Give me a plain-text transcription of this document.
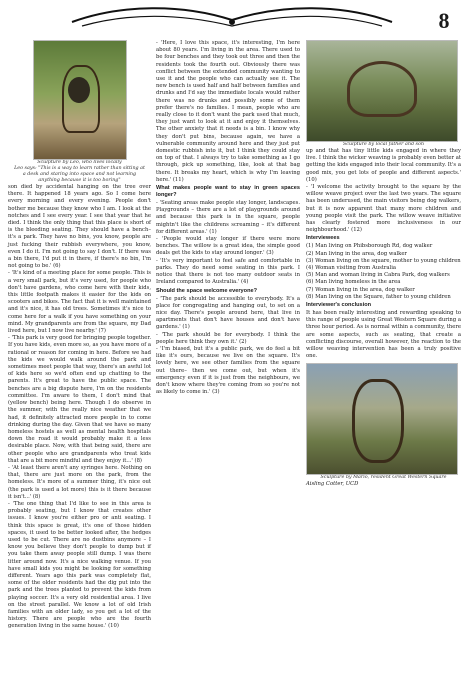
8

Sculpture by Leo, who lives locally
Leo says: "This is a way to learn rather than sitting at a desk and staring into space and not learning anything because it is too boring"

son died by accidental hanging on the tree over there. It happened 18 years ago. So I come here every morning and every evening. People don't bother me because they know who I am. I look at the notches and I see every year. I see that year that he died. I think the only thing that this place is short of is the bleeding seating. They should have a bench– it's a park. They have no bins, you know, people are just fucking their rubbish everywhere, you know, even I do it. I'm not going to say I don't. If there was a bin there, I'd put it in there, if there's no bin, I'm not going to be.' (6)

- 'It's kind of a meeting place for some people. This is a very small park, but it's very used, for people who don't have gardens, who come here with their kids, this little footpath makes it easier for the kids on scooters and bikes. The fact that it is well maintained and it's nice, it has old trees. Sometimes it's nice to come here for a walk if you have something on your mind. My grandparents are from the square, my Dad lived here, but I now live nearby.' (7)

- 'This park is very good for bringing people together. If you have kids, even more so, as you have more of a rational or reason for coming in here. Before we had the kids we would walk around the park and sometimes meet people that way, there's an awful lot of kids here so we'd often end up chatting to the parents. It's great to have the public space. The benches are a big dispute here, I'm on the residents committee. I'm aware to them, I don't mind that (yellow bench) being here. Though I do observe in the summer, with the really nice weather that we had, it definitely attracted more people in to come drinking during the day. Given that we have so many homeless hostels as well as mental health hospitals down the road it would probably make it a less desirable place. Now, with that being said, there are other people who are grandparents who treat kids that are a bit more mindful and they enjoy it...' (8)

- 'At least there aren't any syringes here. Nothing on that, there are just more on the park, from the homeless. It's more of a summer thing, it's nice out (the park is used a lot more) this is it there because it isn't...' (8)

- 'The one thing that I'd like to see in this area is probably seating, but I know that creates other issues. I know you're either pro or anti seating. I think this space is great, it's one of those hidden spaces, it used to be better looked after, the hedges used to be cut. There are no dustbins anymore – I know you believe they don't people to dump but if you take them away people still dump. I was there litter around now. It's a nice walking venue. If you have small kids you might be looking for something different. Years ago this park was completely flat, some of the older residents had the dig put into the park and the trees planted to prevent the kids from playing soccer. It's a very old residential area. I live on the street parallel. We know a lot of old Irish families with an older lady, so you get a lot of the history. There are people who are the fourth generation living in the same house.' (10)

- 'Here, I love this space, it's interesting, I'm here about 80 years. I'm living in the area. There used to be four benches and they took out three and then the residents took the fourth out. Obviously there was conflict between the extended community wanting to use it and the people who can actually see it. The new bench is used half and half between families and drunks and I'd say the immediate locals would rather there was no drunks and possibly some of them prefer there's no families. I mean, people who are really close to it don't want the park used that much, they just want to look at it and enjoy it themselves. The other anxiety that it needs is a bin. I know why they don't put bins, because again, we have a vulnerable community around here and they just put domestic rubbish into it, but I think they could stay on top of that. I always try to take something as I go through, pick up something, like, look at that bag there. It breaks my heart, which is why I'm leaving here.' (11)

What makes people want to stay in green spaces longer?

- 'Seating areas make people stay longer, landscapes. Playgrounds – there are a lot of playgrounds around and because this park is in the square, people mightn't like the childrens screaming – it's different for different areas.' (1)

- 'People would stay longer if there were more benches. The willow is a great idea, the simple good deals get the kids to stay around longer.' (3)

- 'It's very important to feel safe and comfortable in parks. They do need some seating in this park. I notice that there is not too many outdoor seats in Ireland compared to Australia.' (4)

Should the space welcome everyone?

- 'The park should be accessible to everybody. It's a place for congregating and hanging out, to set on a nice day. There's people around here, that live in apartments that don't have houses and don't have gardens.' (1)

- 'The park should be for everybody. I think the people here think they own it.' (2)

- 'I'm biased, but it's a public park, we do feel a bit like it's ours, because we live on the square. It's lovely here, we see other families from the square out there– then we come out, but when it's emergency even if it is just from the neighbours, we don't know where they're coming from so you're not as likely to come in.' (3)

Sculpture by local father and son

up and that has tiny little kids engaged in where they live. I think the wicker weaving is probably even better at getting the kids engaged into their local community. It's a good mix, you get lots of people and different aspects.' (10)

- 'I welcome the activity brought to the square by the willow weave project over the last two years. The square has been underused, the main visitors being dog walkers, but it is now apparent that many more children and young people visit the park. The willow weave initiative has clearly fostered more inclusiveness in our neighbourhood.' (12)

Interviewees
(1) Man living on Phibsborough Rd, dog walker
(2) Man living in the area, dog walker
(3) Woman living on the square, mother to young children
(4) Woman visiting from Australia
(5) Man and woman living in Cabra Park, dog walkers
(6) Man living homeless in the area
(7) Woman living in the area, dog walker
(8) Man living on the Square, father to young children
Interviewer's conclusion

It has been really interesting and rewarding speaking to this range of people using Great Western Square during a three hour period. As is normal within a community, there are some aspects, such as seating, that create a conflicting discourse, overall however, the reaction to the willow weaving intervention has been a truly positive one.

Sculpture by Mario, resident Great Western Square

Aisling Cotter, UCD
